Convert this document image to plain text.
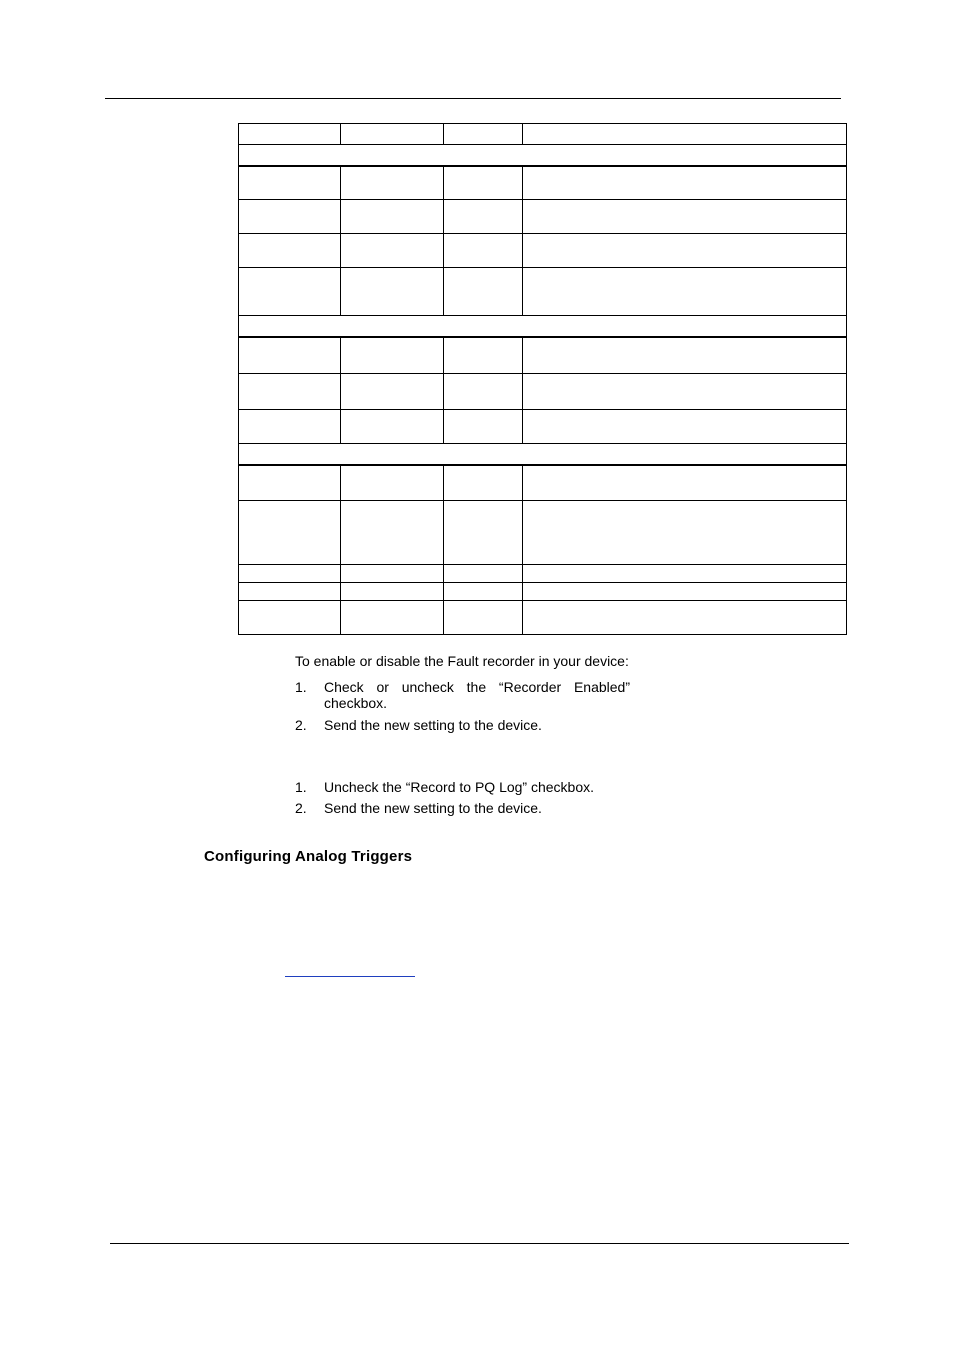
To enable or disable the Fault recorder in your device:

1. Check or uncheck the “Recorder Enabled”
checkbox.
2. Send the new setting to the device.
1. Uncheck the “Record to PQ Log” checkbox.
2. Send the new setting to the device.
Configuring Analog Triggers
